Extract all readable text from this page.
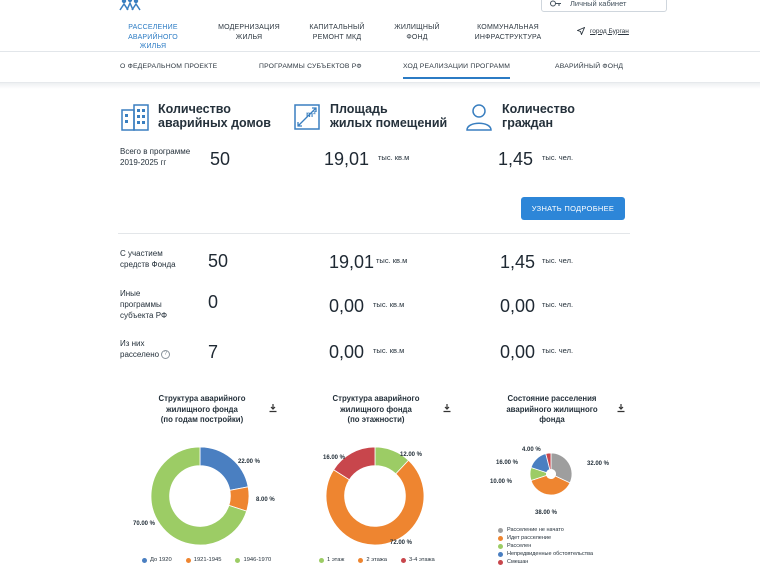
Личный кабинет
РАССЕЛЕНИЕ
АВАРИЙНОГО ЖИЛЬЯ
МОДЕРНИЗАЦИЯ
ЖИЛЬЯ
КАПИТАЛЬНЫЙ
РЕМОНТ МКД
ЖИЛИЩНЫЙ
ФОНД
КОММУНАЛЬНАЯ
ИНФРАСТРУКТУРА
город Бурган
О ФЕДЕРАЛЬНОМ ПРОЕКТЕ	ПРОГРАММЫ СУБЪЕКТОВ РФ	ХОД РЕАЛИЗАЦИИ ПРОГРАММ	АВАРИЙНЫЙ ФОНД
Количество
аварийных домов
m² Площадь
жилых помещений
Количество
граждан
Всего в программе
2019-2025 гг	50	19,01 тыс. кв.м	1,45 тыс. чел.
УЗНАТЬ ПОДРОБНЕЕ
С участием
средств Фонда 50	19,01 тыс. кв.м	1,45 тыс. чел.
Иные
программы
субъекта РФ
0	0,00 тыс. кв.м	0,00 тыс. чел.
Из них
расселено ? 7	0,00 тыс. кв.м	0,00 тыс. чел.
Структура аварийного
жилищного фонда
(по годам постройки)
Структура аварийного
жилищного фонда
(по этажности)
Состояние расселения
аварийного жилищного
фонда
22.00 %
8.00 %
70.00 %
12.00 %
72.00 %
16.00 %
32.00 %
38.00 %
10.00 %
16.00 %
4.00 %
До 1920	1921-1945	1946-1970	1 этаж	2 этажа	3-4 этажа
Расселение не начато
Идет расселение
Расселен
Непредвиденные обстоятельства
Смешан
